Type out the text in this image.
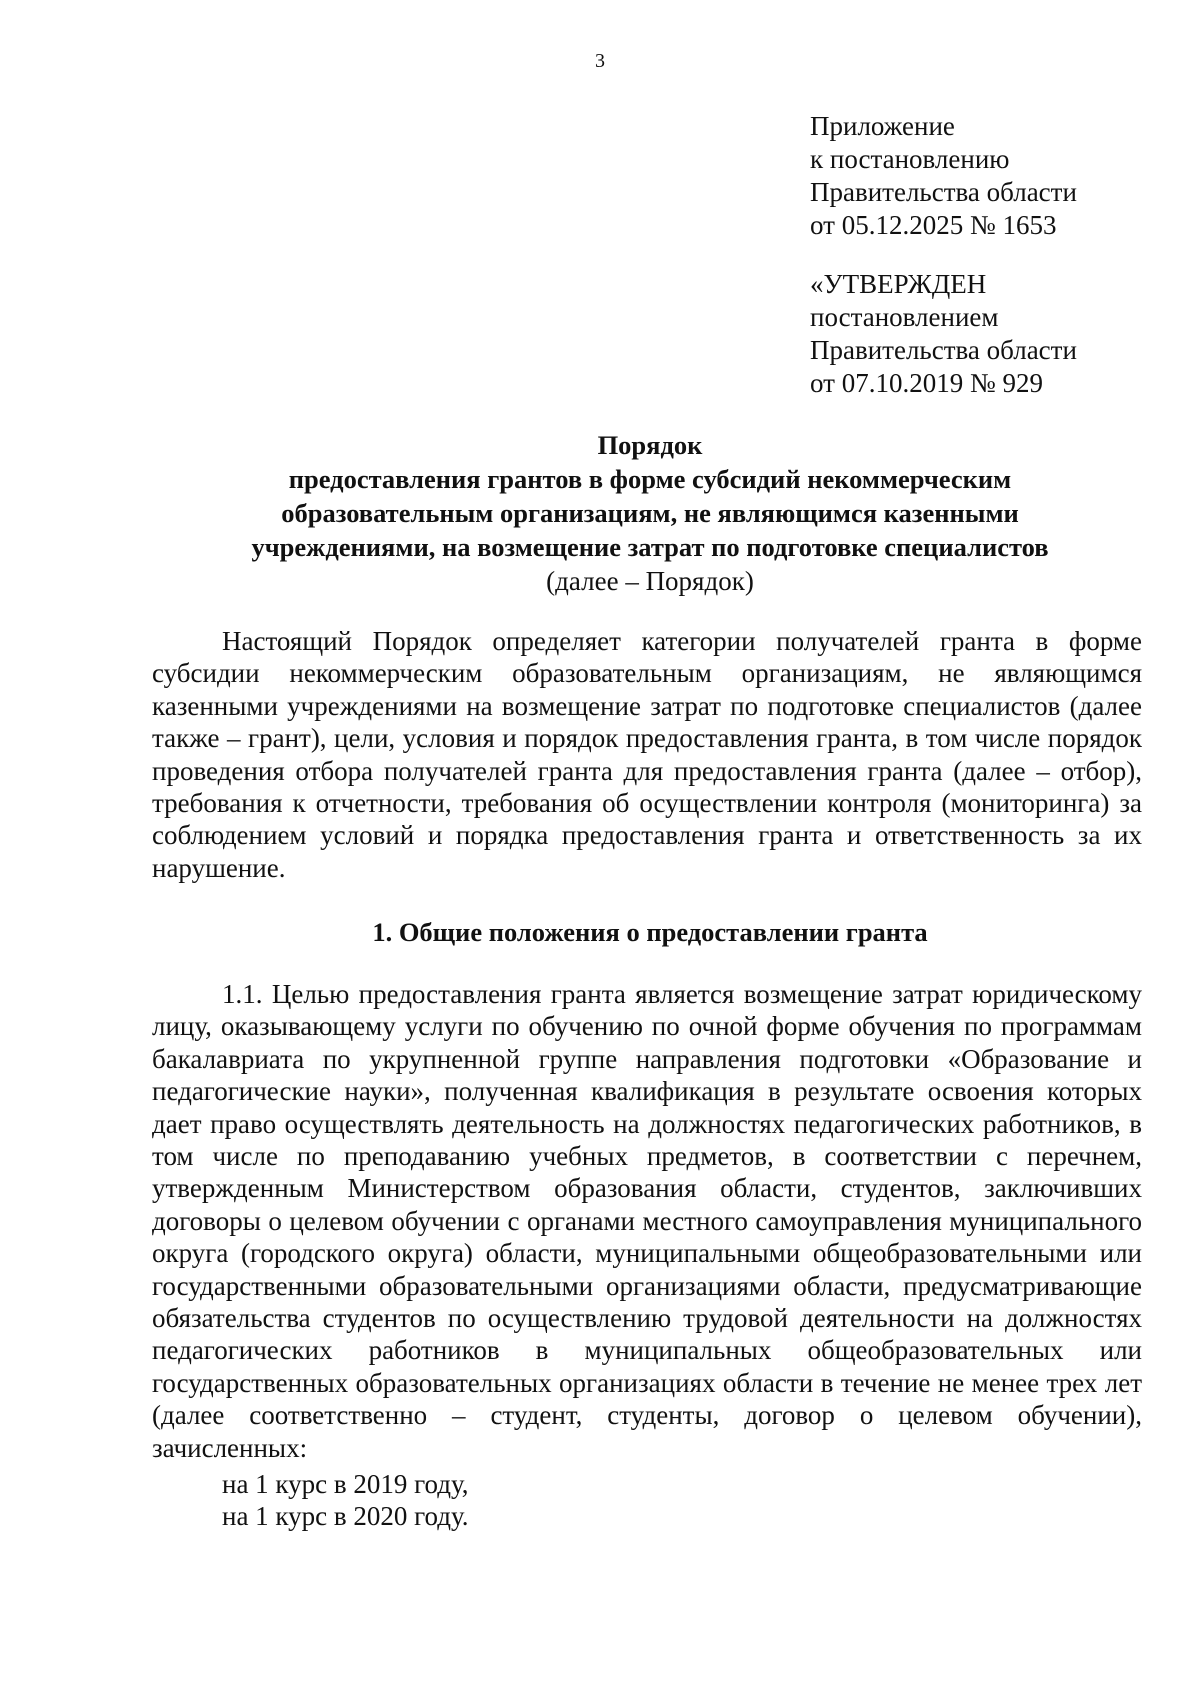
3
Приложение
к постановлению
Правительства области
от 05.12.2025 № 1653
«УТВЕРЖДЕН
постановлением
Правительства области
от 07.10.2019 № 929
Порядок
предоставления грантов в форме субсидий некоммерческим
образовательным организациям, не являющимся казенными
учреждениями, на возмещение затрат по подготовке специалистов
(далее – Порядок)

Настоящий Порядок определяет категории получателей гранта в форме субсидии некоммерческим образовательным организациям, не являющимся казенными учреждениями на возмещение затрат по подготовке специалистов (далее также – грант), цели, условия и порядок предоставления гранта, в том числе порядок проведения отбора получателей гранта для предоставления гранта (далее – отбор), требования к отчетности, требования об осуществлении контроля (мониторинга) за соблюдением условий и порядка предоставления гранта и ответственность за их нарушение.

1. Общие положения о предоставлении гранта

1.1. Целью предоставления гранта является возмещение затрат юридическому лицу, оказывающему услуги по обучению по очной форме обучения по программам бакалавриата по укрупненной группе направления подготовки «Образование и педагогические науки», полученная квалификация в результате освоения которых дает право осуществлять деятельность на должностях педагогических работников, в том числе по преподаванию учебных предметов, в соответствии с перечнем, утвержденным Министерством образования области, студентов, заключивших договоры о целевом обучении с органами местного самоуправления муниципального округа (городского округа) области, муниципальными общеобразовательными или государственными образовательными организациями области, предусматривающие обязательства студентов по осуществлению трудовой деятельности на должностях педагогических работников в муниципальных общеобразовательных или государственных образовательных организациях области в течение не менее трех лет (далее соответственно – студент, студенты, договор о целевом обучении), зачисленных:

на 1 курс в 2019 году,
на 1 курс в 2020 году.
